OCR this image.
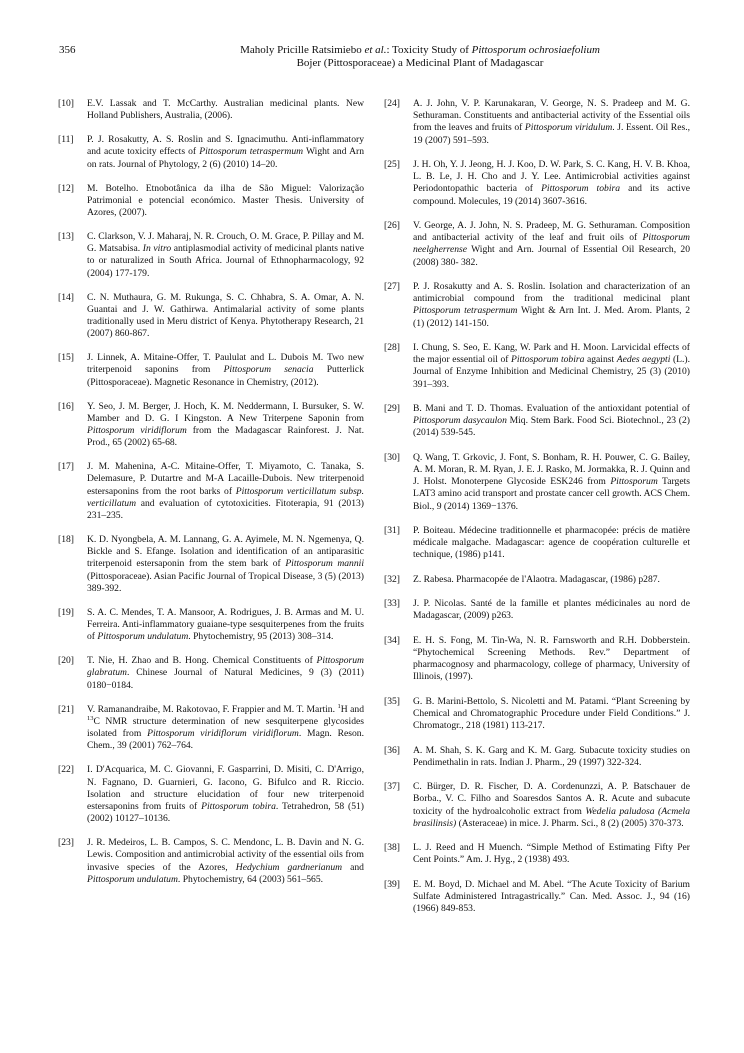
356	Maholy Pricille Ratsimiebo et al.: Toxicity Study of Pittosporum ochrosiaefolium
Bojer (Pittosporaceae) a Medicinal Plant of Madagascar
[10] E.V. Lassak and T. McCarthy. Australian medicinal plants. New Holland Publishers, Australia, (2006).
[11] P. J. Rosakutty, A. S. Roslin and S. Ignacimuthu. Anti-inflammatory and acute toxicity effects of Pittosporum tetraspermum Wight and Arn on rats. Journal of Phytology, 2 (6) (2010) 14–20.
[12] M. Botelho. Etnobotânica da ilha de São Miguel: Valorização Patrimonial e potencial económico. Master Thesis. University of Azores, (2007).
[13] C. Clarkson, V. J. Maharaj, N. R. Crouch, O. M. Grace, P. Pillay and M. G. Matsabisa. In vitro antiplasmodial activity of medicinal plants native to or naturalized in South Africa. Journal of Ethnopharmacology, 92 (2004) 177-179.
[14] C. N. Muthaura, G. M. Rukunga, S. C. Chhabra, S. A. Omar, A. N. Guantai and J. W. Gathirwa. Antimalarial activity of some plants traditionally used in Meru district of Kenya. Phytotherapy Research, 21 (2007) 860-867.
[15] J. Linnek, A. Mitaine-Offer, T. Paululat and L. Dubois M. Two new triterpenoid saponins from Pittosporum senacia Putterlick (Pittosporaceae). Magnetic Resonance in Chemistry, (2012).
[16] Y. Seo, J. M. Berger, J. Hoch, K. M. Neddermann, I. Bursuker, S. W. Mamber and D. G. I Kingston. A New Triterpene Saponin from Pittosporum viridiflorum from the Madagascar Rainforest. J. Nat. Prod., 65 (2002) 65-68.
[17] J. M. Mahenina, A-C. Mitaine-Offer, T. Miyamoto, C. Tanaka, S. Delemasure, P. Dutartre and M-A Lacaille-Dubois. New triterpenoid estersaponins from the root barks of Pittosporum verticillatum subsp. verticillatum and evaluation of cytotoxicities. Fitoterapia, 91 (2013) 231–235.
[18] K. D. Nyongbela, A. M. Lannang, G. A. Ayimele, M. N. Ngemenya, Q. Bickle and S. Efange. Isolation and identification of an antiparasitic triterpenoid estersaponin from the stem bark of Pittosporum mannii (Pittosporaceae). Asian Pacific Journal of Tropical Disease, 3 (5) (2013) 389-392.
[19] S. A. C. Mendes, T. A. Mansoor, A. Rodrigues, J. B. Armas and M. U. Ferreira. Anti-inflammatory guaiane-type sesquiterpenes from the fruits of Pittosporum undulatum. Phytochemistry, 95 (2013) 308–314.
[20] T. Nie, H. Zhao and B. Hong. Chemical Constituents of Pittosporum glabratum. Chinese Journal of Natural Medicines, 9 (3) (2011) 0180−0184.
[21] V. Ramanandraibe, M. Rakotovao, F. Frappier and M. T. Martin. $^1$H and $^{13}$C NMR structure determination of new sesquiterpene glycosides isolated from Pittosporum viridiflorum viridiflorum. Magn. Reson. Chem., 39 (2001) 762–764.
[22] I. D'Acquarica, M. C. Giovanni, F. Gasparrini, D. Misiti, C. D'Arrigo, N. Fagnano, D. Guarnieri, G. Iacono, G. Bifulco and R. Riccio. Isolation and structure elucidation of four new triterpenoid estersaponins from fruits of Pittosporum tobira. Tetrahedron, 58 (51) (2002) 10127–10136.
[23] J. R. Medeiros, L. B. Campos, S. C. Mendonc, L. B. Davin and N. G. Lewis. Composition and antimicrobial activity of the essential oils from invasive species of the Azores, Hedychium gardnerianum and Pittosporum undulatum. Phytochemistry, 64 (2003) 561–565.
[24] A. J. John, V. P. Karunakaran, V. George, N. S. Pradeep and M. G. Sethuraman. Constituents and antibacterial activity of the Essential oils from the leaves and fruits of Pittosporum viridulum. J. Essent. Oil Res., 19 (2007) 591–593.
[25] J. H. Oh, Y. J. Jeong, H. J. Koo, D. W. Park, S. C. Kang, H. V. B. Khoa, L. B. Le, J. H. Cho and J. Y. Lee. Antimicrobial activities against Periodontopathic bacteria of Pittosporum tobira and its active compound. Molecules, 19 (2014) 3607-3616.
[26] V. George, A. J. John, N. S. Pradeep, M. G. Sethuraman. Composition and antibacterial activity of the leaf and fruit oils of Pittosporum neelgherrense Wight and Arn. Journal of Essential Oil Research, 20 (2008) 380- 382.
[27] P. J. Rosakutty and A. S. Roslin. Isolation and characterization of an antimicrobial compound from the traditional medicinal plant Pittosporum tetraspermum Wight & Arn Int. J. Med. Arom. Plants, 2 (1) (2012) 141-150.
[28] I. Chung, S. Seo, E. Kang, W. Park and H. Moon. Larvicidal effects of the major essential oil of Pittosporum tobira against Aedes aegypti (L.). Journal of Enzyme Inhibition and Medicinal Chemistry, 25 (3) (2010) 391–393.
[29] B. Mani and T. D. Thomas. Evaluation of the antioxidant potential of Pittosporum dasycaulon Miq. Stem Bark. Food Sci. Biotechnol., 23 (2) (2014) 539-545.
[30] Q. Wang, T. Grkovic, J. Font, S. Bonham, R. H. Pouwer, C. G. Bailey, A. M. Moran, R. M. Ryan, J. E. J. Rasko, M. Jormakka, R. J. Quinn and J. Holst. Monoterpene Glycoside ESK246 from Pittosporum Targets LAT3 amino acid transport and prostate cancer cell growth. ACS Chem. Biol., 9 (2014) 1369−1376.
[31] P. Boiteau. Médecine traditionnelle et pharmacopée: précis de matière médicale malgache. Madagascar: agence de coopération culturelle et technique, (1986) p141.
[32] Z. Rabesa. Pharmacopée de l'Alaotra. Madagascar, (1986) p287.
[33] J. P. Nicolas. Santé de la famille et plantes médicinales au nord de Madagascar, (2009) p263.
[34] E. H. S. Fong, M. Tin-Wa, N. R. Farnsworth and R.H. Dobberstein. “Phytochemical Screening Methods. Rev.” Department of pharmacognosy and pharmacology, college of pharmacy, University of Illinois, (1997).
[35] G. B. Marini-Bettolo, S. Nicoletti and M. Patami. “Plant Screening by Chemical and Chromatographic Procedure under Field Conditions.” J. Chromatogr., 218 (1981) 113-217.
[36] A. M. Shah, S. K. Garg and K. M. Garg. Subacute toxicity studies on Pendimethalin in rats. Indian J. Pharm., 29 (1997) 322-324.
[37] C. Bürger, D. R. Fischer, D. A. Cordenunzzi, A. P. Batschauer de Borba., V. C. Filho and Soaresdos Santos A. R. Acute and subacute toxicity of the hydroalcoholic extract from Wedelia paludosa (Acmela brasilinsis) (Asteraceae) in mice. J. Pharm. Sci., 8 (2) (2005) 370-373.
[38] L. J. Reed and H Muench. “Simple Method of Estimating Fifty Per Cent Points.” Am. J. Hyg., 2 (1938) 493.
[39] E. M. Boyd, D. Michael and M. Abel. “The Acute Toxicity of Barium Sulfate Administered Intragastrically.” Can. Med. Assoc. J., 94 (16) (1966) 849-853.
